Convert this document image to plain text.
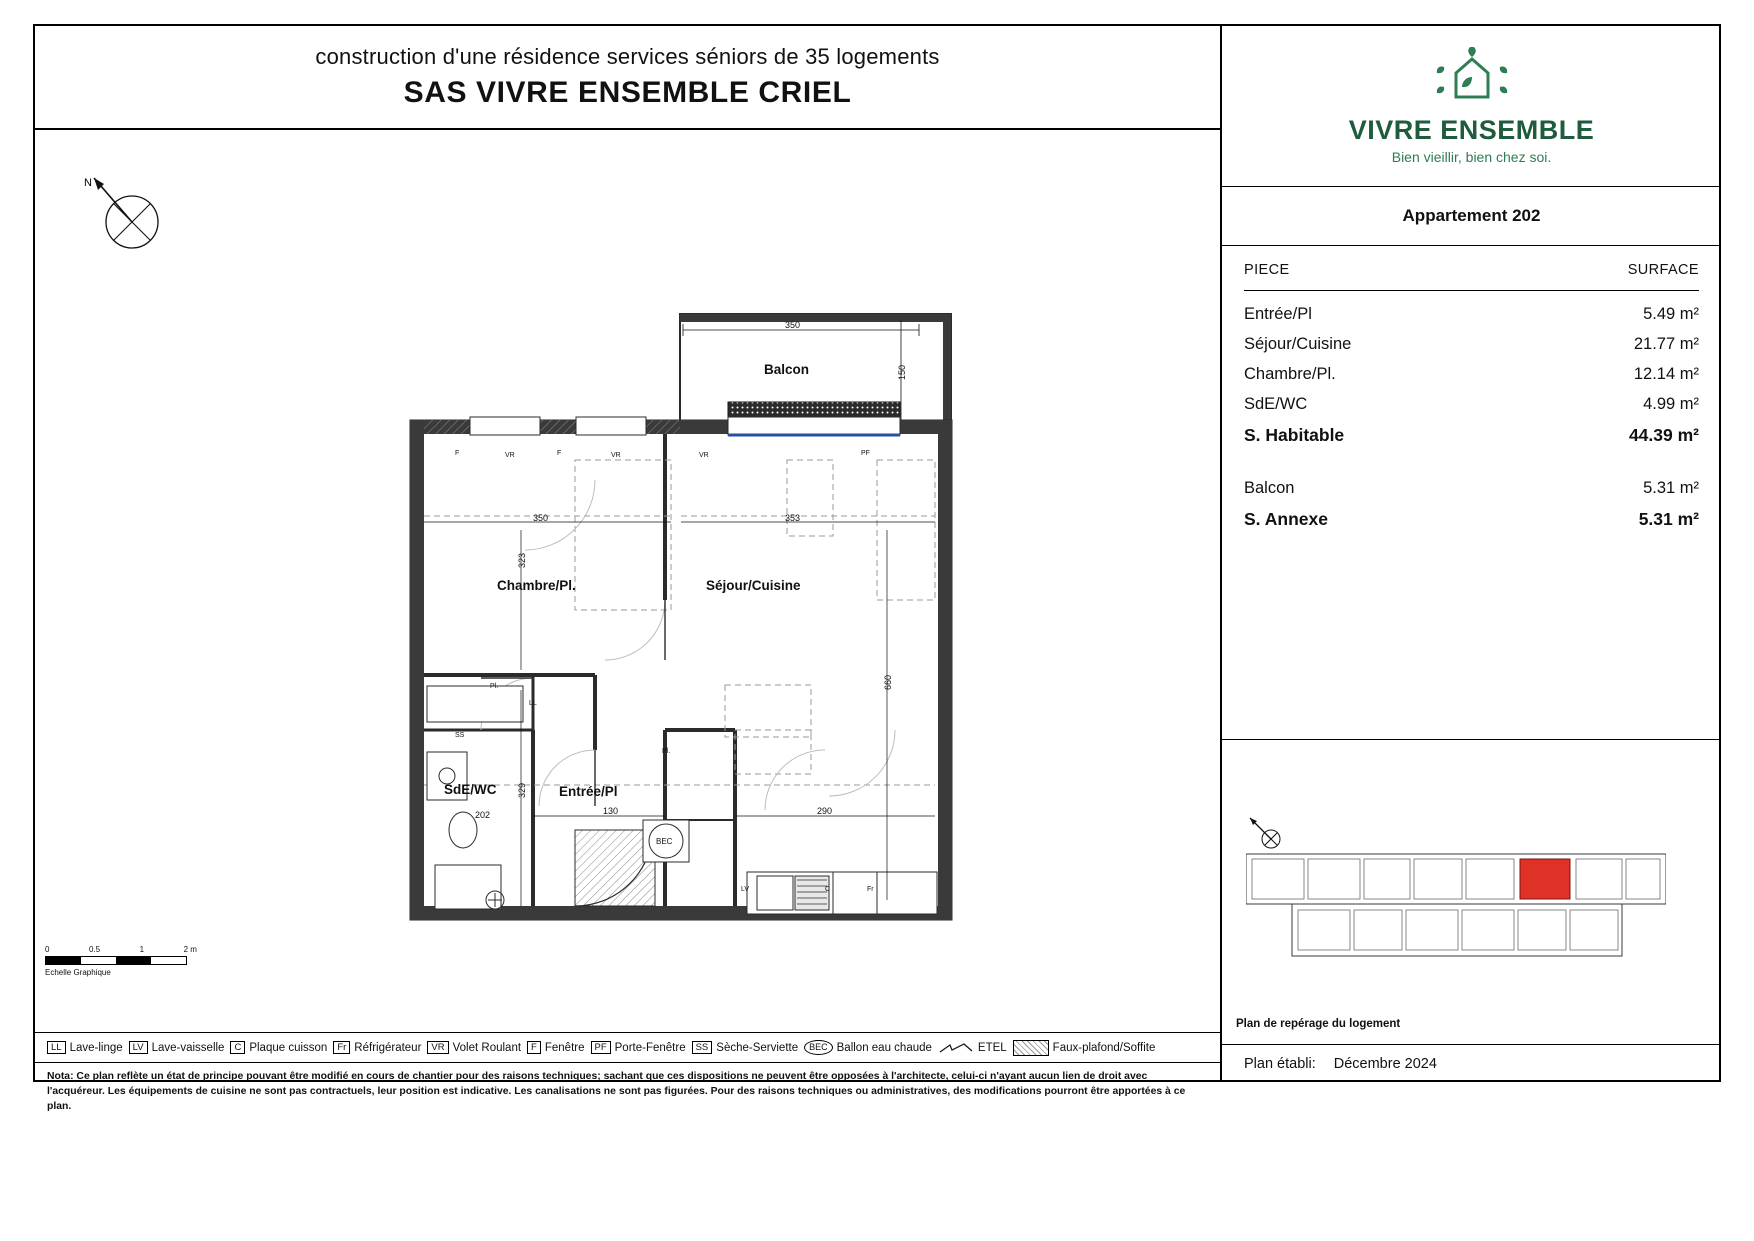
construction d'une résidence services séniors de 35 logements
SAS VIVRE ENSEMBLE CRIEL
N
Balcon
Chambre/Pl.	Séjour/Cuisine
SdE/WC	Entrée/Pl
350
150
350	353
323
660
290
130
329
202
BEC
Pl.
Pl.
SS
LL
F	VR	F	VR	VR	PF
LV	C	Fr
0	0.5	1	2 m
Echelle Graphique
LL Lave-linge	LV Lave-vaisselle	C Plaque cuisson	Fr Réfrigérateur	VR Volet Roulant	F Fenêtre	PF Porte-Fenêtre	SS Sèche-Serviette	BEC Ballon eau chaude	ETEL	Faux-plafond/Soffite
Nota: Ce plan reflète un état de principe pouvant être modifié en cours de chantier pour des raisons techniques; sachant que ces dispositions ne peuvent être opposées à l'architecte, celui-ci n'ayant aucun lien de droit avec l'acquéreur. Les équipements de cuisine ne sont pas contractuels, leur position est indicative. Les canalisations ne sont pas figurées. Pour des raisons techniques ou administratives, des modifications pourront être apportées à ce plan.
VIVRE ENSEMBLE
Bien vieillir, bien chez soi.
Appartement 202
PIECE	SURFACE
Entrée/Pl	5.49 m²
Séjour/Cuisine	21.77 m²
Chambre/Pl.	12.14 m²
SdE/WC	4.99 m²
S. Habitable	44.39 m²
Balcon	5.31 m²
S. Annexe	5.31 m²
Plan de repérage du logement
Plan établi: Décembre 2024
